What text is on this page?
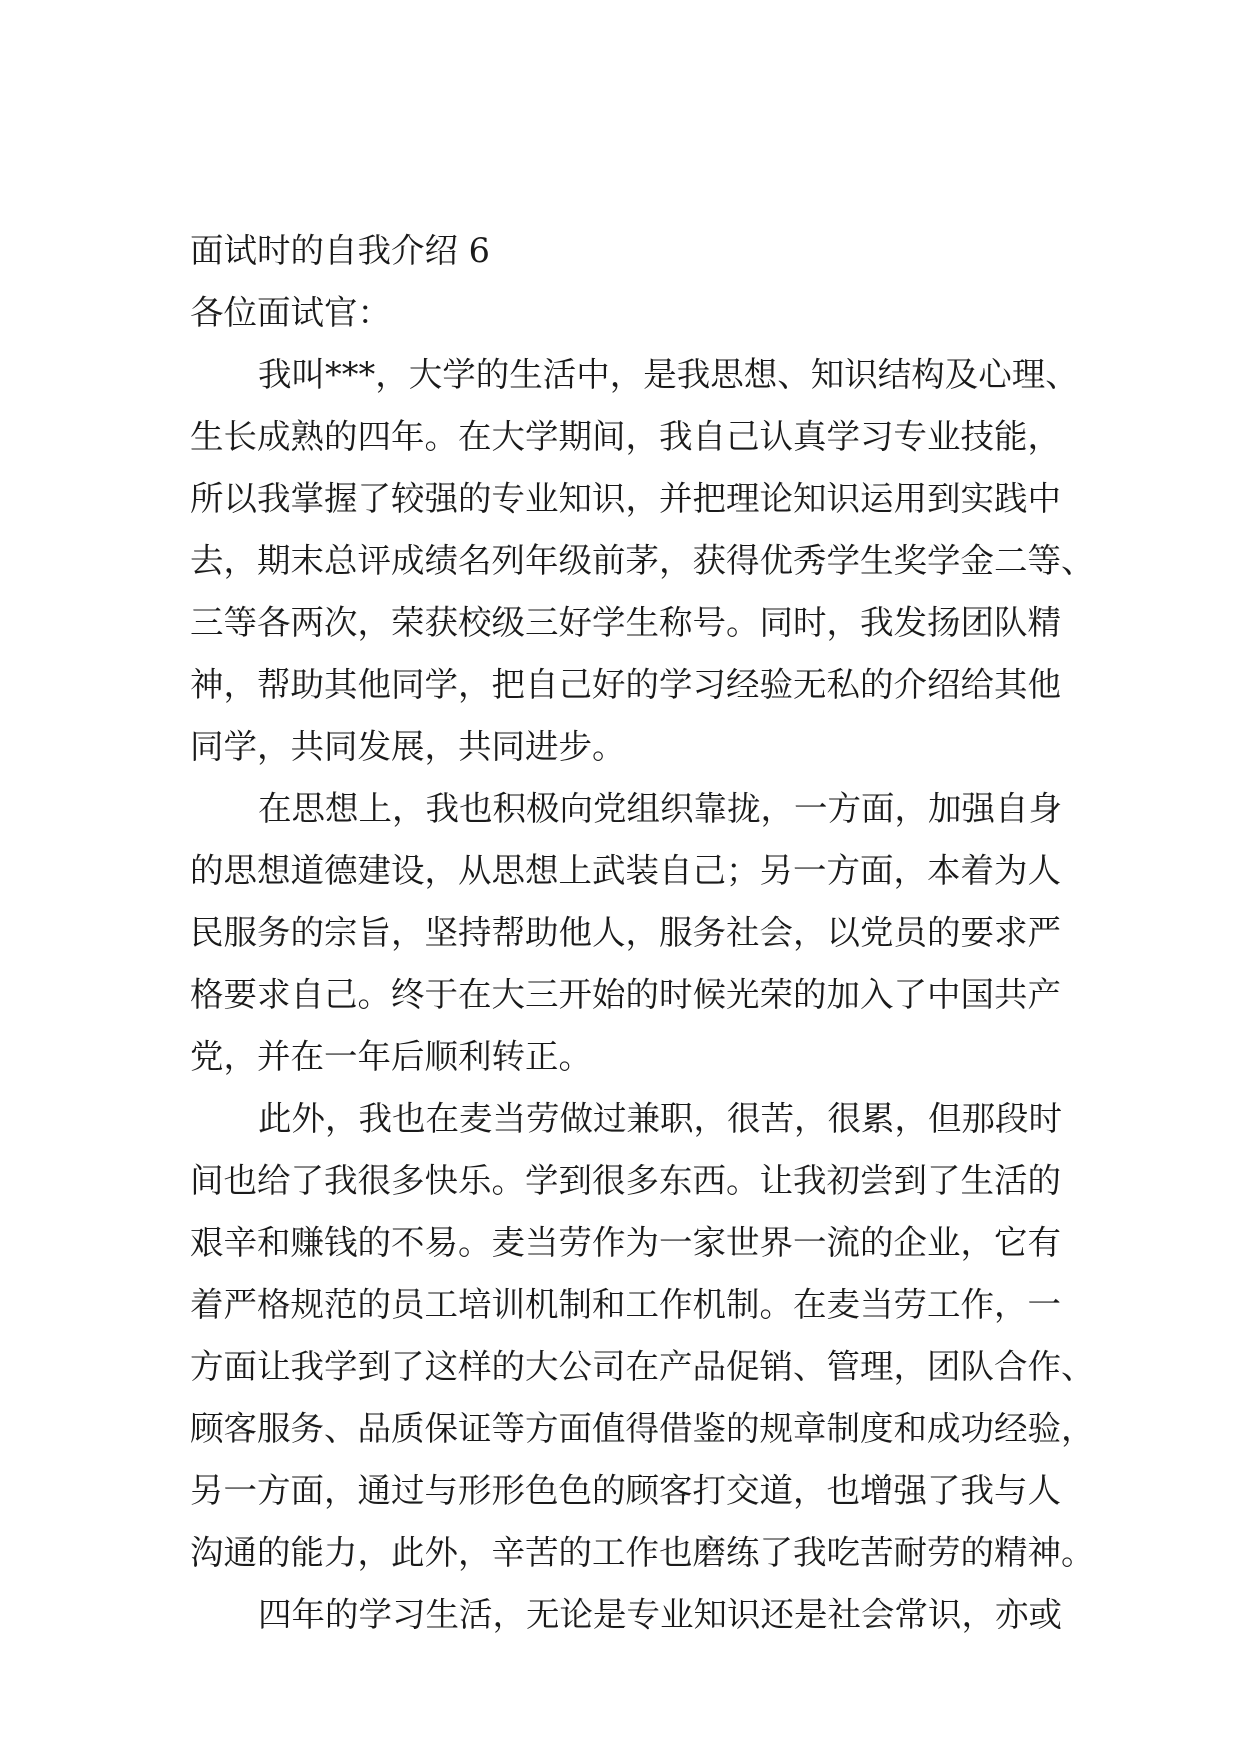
面试时的自我介绍 6
各位面试官：
我叫***，大学的生活中，是我思想、知识结构及心理、
生长成熟的四年。在大学期间，我自己认真学习专业技能，
所以我掌握了较强的专业知识，并把理论知识运用到实践中
去，期末总评成绩名列年级前茅，获得优秀学生奖学金二等、
三等各两次，荣获校级三好学生称号。同时，我发扬团队精
神，帮助其他同学，把自己好的学习经验无私的介绍给其他
同学，共同发展，共同进步。
在思想上，我也积极向党组织靠拢，一方面，加强自身
的思想道德建设，从思想上武装自己；另一方面，本着为人
民服务的宗旨，坚持帮助他人，服务社会，以党员的要求严
格要求自己。终于在大三开始的时候光荣的加入了中国共产
党，并在一年后顺利转正。
此外，我也在麦当劳做过兼职，很苦，很累，但那段时
间也给了我很多快乐。学到很多东西。让我初尝到了生活的
艰辛和赚钱的不易。麦当劳作为一家世界一流的企业，它有
着严格规范的员工培训机制和工作机制。在麦当劳工作，一
方面让我学到了这样的大公司在产品促销、管理，团队合作、
顾客服务、品质保证等方面值得借鉴的规章制度和成功经验，
另一方面，通过与形形色色的顾客打交道，也增强了我与人
沟通的能力，此外，辛苦的工作也磨练了我吃苦耐劳的精神。
四年的学习生活，无论是专业知识还是社会常识，亦或
